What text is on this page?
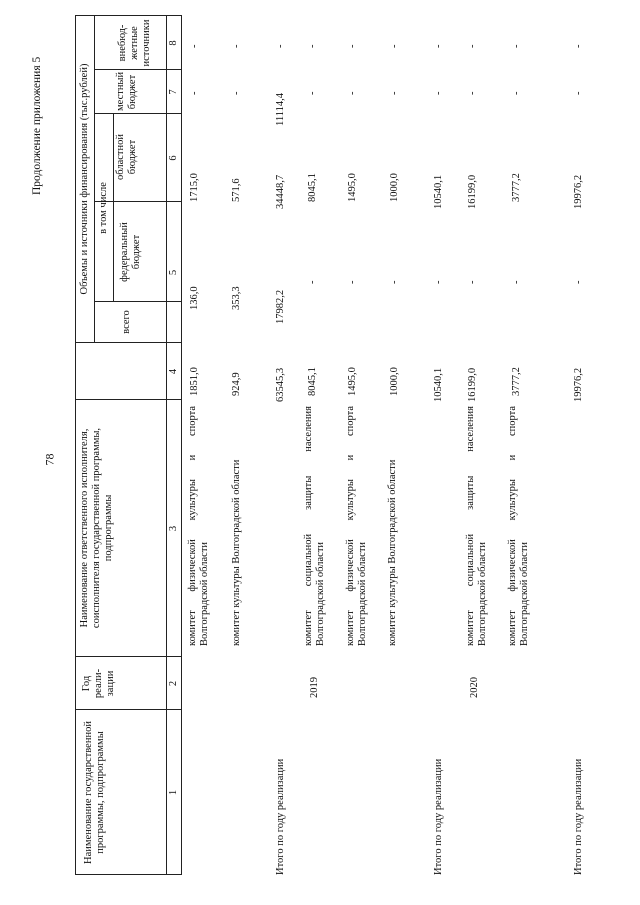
78
Продолжение приложения 5
Наименование государственной программы, подпрограммы
Год реали-зации
Наименование ответственного исполнителя, соисполнителя государственной программы, подпрограммы
Объемы и источники финансирования (тыс.рублей)
всего
в том числе
федеральный бюджет
областной бюджет
местный бюджет
внебюд-жетные источники
1
2
3
4
5
6
7
8
комитет физической культуры и спорта Волгоградской области
1851,0
136,0
1715,0
-
-
комитет культуры Волгоградской области
924,9
353,3
571,6
-
-
Итого по году реализации
63545,3
17982,2
34448,7
11114,4
-
2019
комитет социальной защиты населения Волгоградской области
8045,1
-
8045,1
-
-
комитет физической культуры и спорта Волгоградской области
1495,0
-
1495,0
-
-
комитет культуры Волгоградской области
1000,0
-
1000,0
-
-
Итого по году реализации
10540,1
-
10540,1
-
-
2020
комитет социальной защиты населения Волгоградской области
16199,0
-
16199,0
-
-
комитет физической культуры и спорта Волгоградской области
3777,2
-
3777,2
-
-
Итого по году реализации
19976,2
-
19976,2
-
-
